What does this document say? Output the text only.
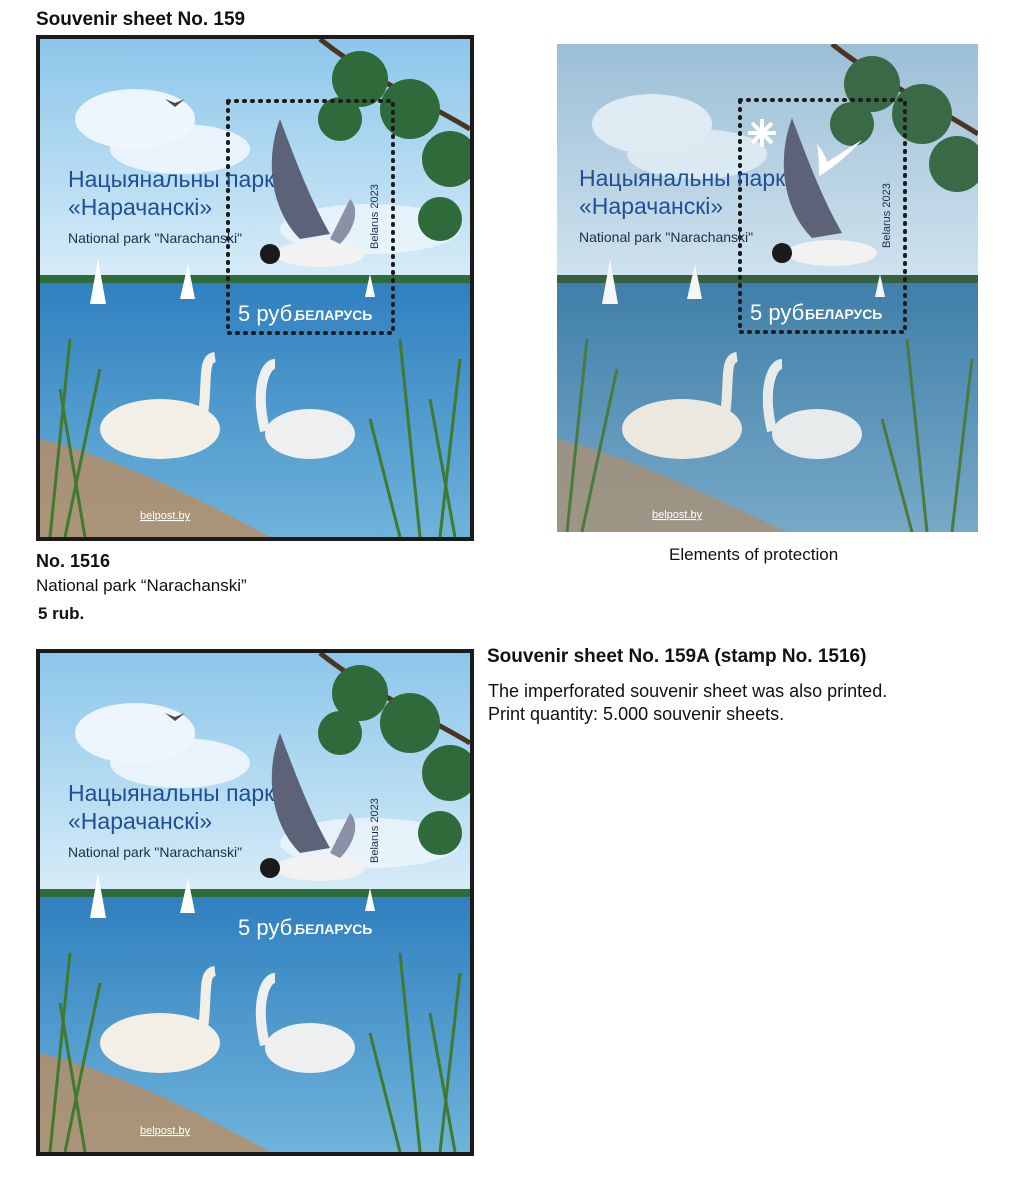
Souvenir sheet No. 159
No. 1516
National park “Narachanski”
5 rub.
Elements of protection
Souvenir sheet No. 159A (stamp No. 1516)
The imperforated souvenir sheet was also printed.
Print quantity: 5.000 souvenir sheets.
Нацыянальны парк
«Нарачанскі»
National park "Narachanski"
5 руб.
БЕЛАРУСЬ
Belarus 2023
belpost.by
Нацыянальны парк
«Нарачанскі»
National park "Narachanski"
5 руб.
БЕЛАРУСЬ
Belarus 2023
belpost.by
Нацыянальны парк
«Нарачанскі»
National park "Narachanski"
5 руб.
БЕЛАРУСЬ
Belarus 2023
belpost.by
